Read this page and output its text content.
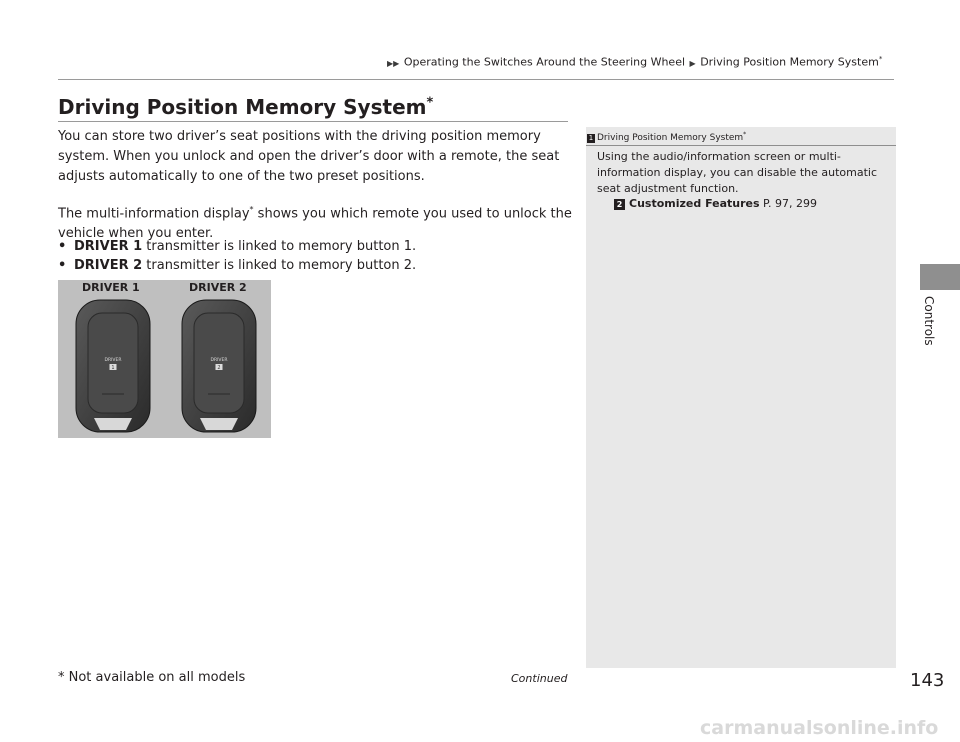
▶▶ Operating the Switches Around the Steering Wheel ▶ Driving Position Memory System*
Driving Position Memory System*

You can store two driver’s seat positions with the driving position memory system. When you unlock and open the driver’s door with a remote, the seat adjusts automatically to one of the two preset positions.

The multi-information display* shows you which remote you used to unlock the vehicle when you enter.

• DRIVER 1 transmitter is linked to memory button 1.
• DRIVER 2 transmitter is linked to memory button 2.
DRIVER
1
DRIVER
2
DRIVER 1	DRIVER 2
1 Driving Position Memory System*

Using the audio/information screen or multi-information display, you can disable the automatic seat adjustment function.

2 Customized Features P. 97, 299
Controls
* Not available on all models	Continued	143
carmanualsonline.info
